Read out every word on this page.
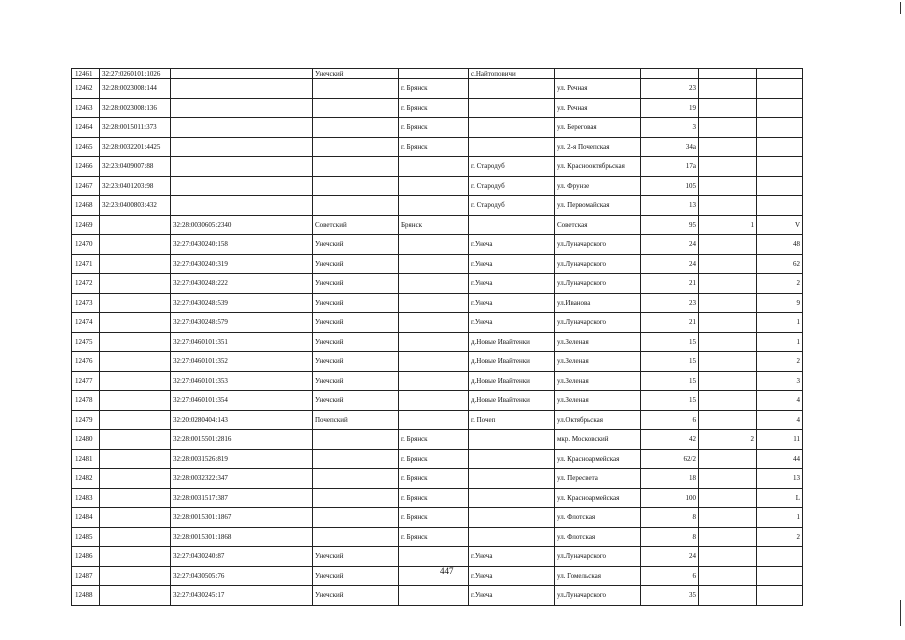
12461	32:27:0260101:1026		Унечский		с.Найтоповичи				
12462	32:28:0023008:144			г. Брянск		ул. Речная	23		
12463	32:28:0023008:136			г. Брянск		ул. Речная	19		
12464	32:28:0015011:373			г. Брянск		ул. Береговая	3		
12465	32:28:0032201:4425			г. Брянск		ул. 2-я Почепская	34а		
12466	32:23:0409007:88				г. Стародуб	ул. Красноoктябрьская	17а		
12467	32:23:0401203:98				г. Стародуб	ул. Фрунзе	105		
12468	32:23:0400803:432				г. Стародуб	ул. Первомайская	13		
12469		32:28:0030605:2340	Советский	Брянск		Советская	95	1	V
12470		32:27:0430240:158	Унечский		г.Унеча	ул.Луначарского	24		48
12471		32:27:0430240:319	Унечский		г.Унеча	ул.Луначарского	24		62
12472		32:27:0430248:222	Унечский		г.Унеча	ул.Луначарского	21		2
12473		32:27:0430248:539	Унечский		г.Унеча	ул.Иванова	23		9
12474		32:27:0430248:579	Унечский		г.Унеча	ул.Луначарского	21		1
12475		32:27:0460101:351	Унечский		д.Новые Ивайтенки	ул.Зеленая	15		1
12476		32:27:0460101:352	Унечский		д.Новые Ивайтенки	ул.Зеленая	15		2
12477		32:27:0460101:353	Унечский		д.Новые Ивайтенки	ул.Зеленая	15		3
12478		32:27:0460101:354	Унечский		д.Новые Ивайтенки	ул.Зеленая	15		4
12479		32:20:0280404:143	Почепский		г. Почеп	ул.Октябрьская	6		4
12480		32:28:0015501:2816		г. Брянск		мкр. Московский	42	2	11
12481		32:28:0031526:819		г. Брянск		ул. Красноармейская	62/2		44
12482		32:28:0032322:347		г. Брянск		ул. Пересвета	18		13
12483		32:28:0031517:387		г. Брянск		ул. Красноармейская	100		L
12484		32:28:0015301:1867		г. Брянск		ул. Флотская	8		1
12485		32:28:0015301:1868		г. Брянск		ул. Флотская	8		2
12486		32:27:0430240:87	Унечский		г.Унеча	ул.Луначарского	24		
12487		32:27:0430505:76	Унечский		г.Унеча	ул. Гомельская	6		
12488		32:27:0430245:17	Унечский		г.Унеча	ул.Луначарского	35		
447
